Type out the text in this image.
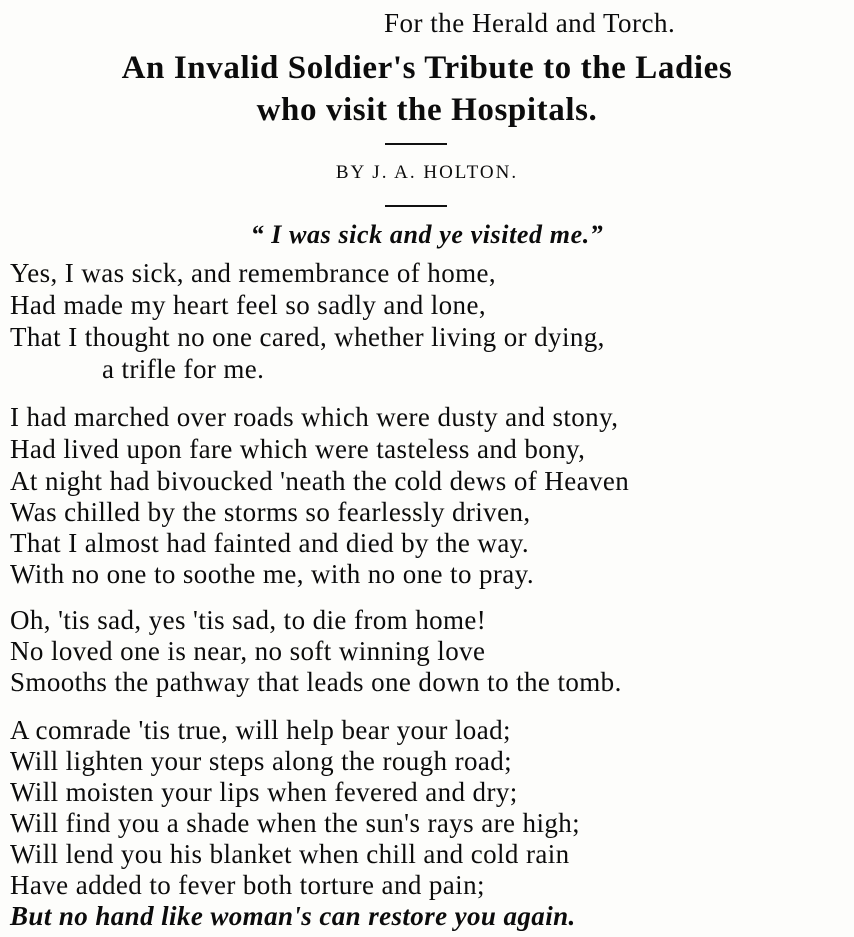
For the Herald and Torch.
An Invalid Soldier's Tribute to the Ladies
who visit the Hospitals.
BY J. A. HOLTON.
“ I was sick and ye visited me.”
Yes, I was sick, and remembrance of home,
Had made my heart feel so sadly and lone,
That I thought no one cared, whether living or dying,
a trifle for me.
I had marched over roads which were dusty and stony,
Had lived upon fare which were tasteless and bony,
At night had bivoucked 'neath the cold dews of Heaven
Was chilled by the storms so fearlessly driven,
That I almost had fainted and died by the way.
With no one to soothe me, with no one to pray.
Oh, 'tis sad, yes 'tis sad, to die from home!
No loved one is near, no soft winning love
Smooths the pathway that leads one down to the tomb.
A comrade 'tis true, will help bear your load;
Will lighten your steps along the rough road;
Will moisten your lips when fevered and dry;
Will find you a shade when the sun's rays are high;
Will lend you his blanket when chill and cold rain
Have added to fever both torture and pain;
But no hand like woman's can restore you again.
